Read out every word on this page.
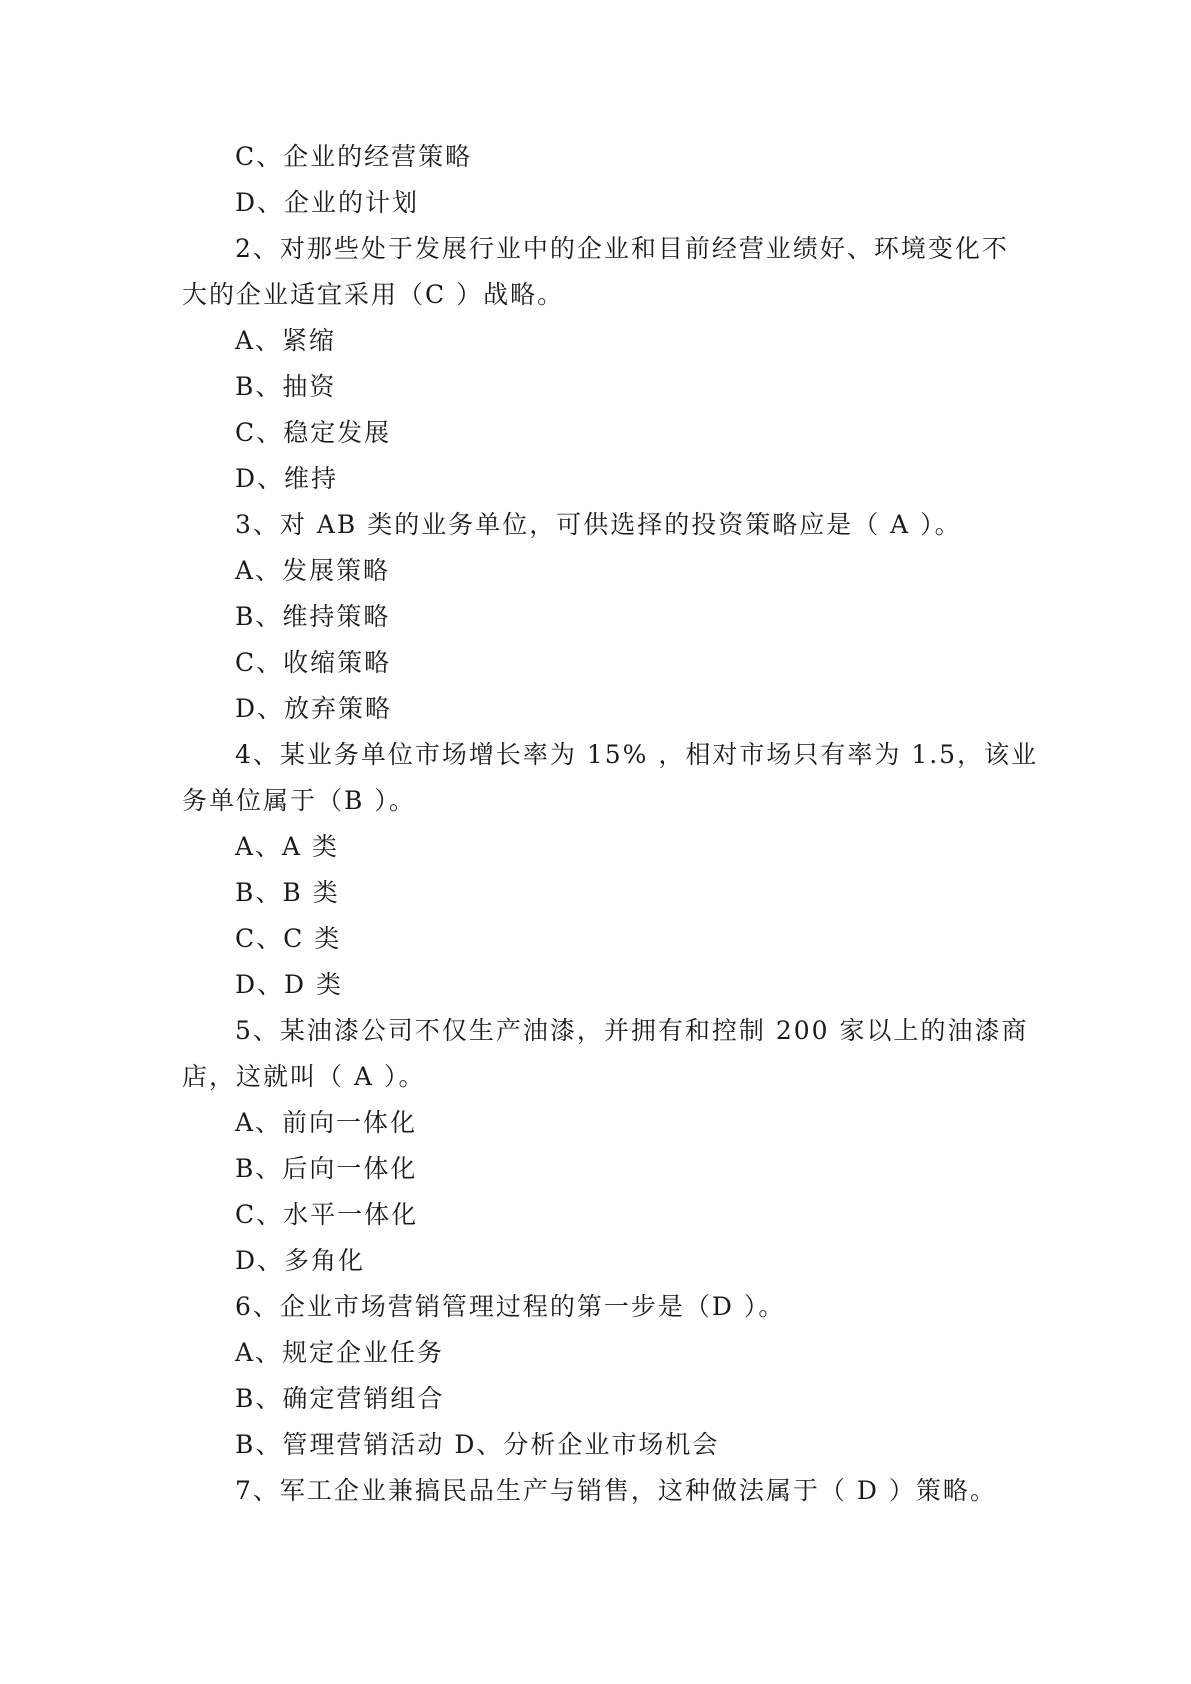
C、企业的经营策略
D、企业的计划
2、对那些处于发展行业中的企业和目前经营业绩好、环境变化不
大的企业适宜采用（C ）战略。
A、紧缩
B、抽资
C、稳定发展
D、维持
3、对 AB 类的业务单位，可供选择的投资策略应是（ A ）。
A、发展策略
B、维持策略
C、收缩策略
D、放弃策略
4、某业务单位市场增长率为 15% ，相对市场只有率为 1.5，该业
务单位属于（B ）。
A、A 类
B、B 类
C、C 类
D、D 类
5、某油漆公司不仅生产油漆，并拥有和控制 200 家以上的油漆商
店，这就叫（ A ）。
A、前向一体化
B、后向一体化
C、水平一体化
D、多角化
6、企业市场营销管理过程的第一步是（D ）。
A、规定企业任务
B、确定营销组合
B、管理营销活动 D、分析企业市场机会
7、军工企业兼搞民品生产与销售，这种做法属于（ D ）策略。
